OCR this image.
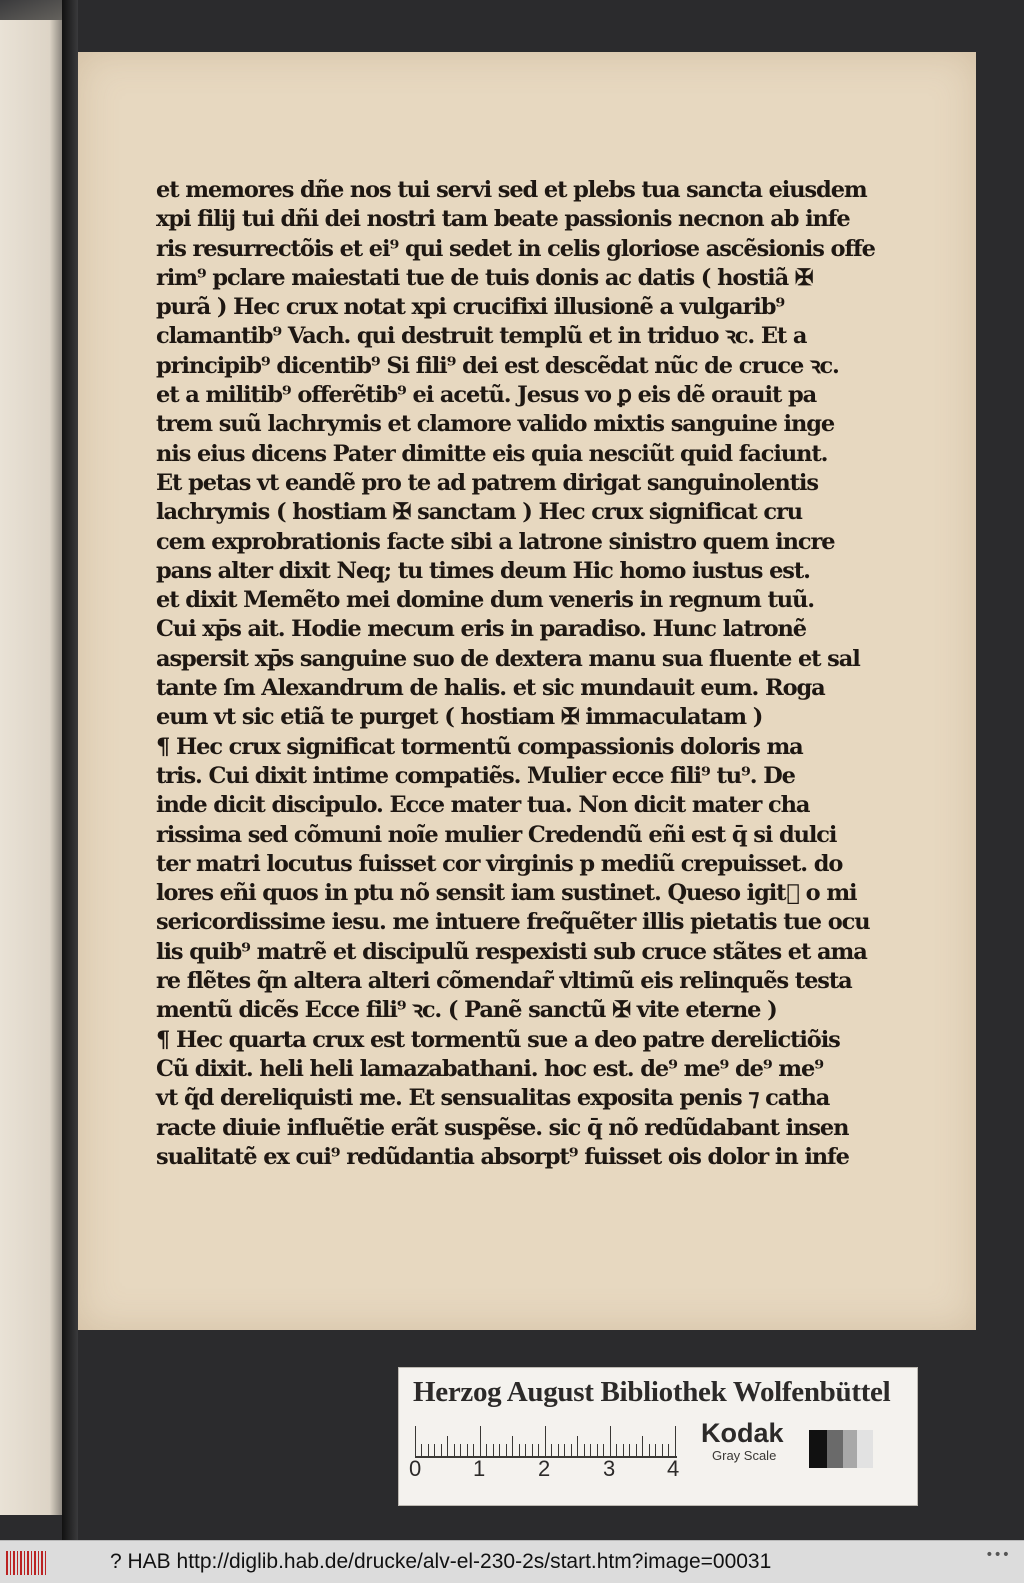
et memores dñe nos tui servi sed et plebs tua sancta eiusdem
xpi filij tui dñi dei nostri tam beate passionis necnon ab infe
ris resurrectõis et ei⁹ qui sedet in celis gloriose ascẽsionis offe
rim⁹ pclare maiestati tue de tuis donis ac datis ( hostiã ✠
purã ) Hec crux notat xpi crucifixi illusionẽ a vulgarib⁹
clamantib⁹ Vach. qui destruit templũ et in triduo ꝛc. Et a
principib⁹ dicentib⁹ Si fili⁹ dei est descẽdat nũc de cruce ꝛc.
et a militib⁹ offerẽtib⁹ ei acetũ. Jesus vo ꝑ eis dẽ orauit pa
trem suũ lachrymis et clamore valido mixtis sanguine inge
nis eius dicens Pater dimitte eis quia nesciũt quid faciunt.
Et petas vt eandẽ pro te ad patrem dirigat sanguinolentis
lachrymis ( hostiam ✠ sanctam ) Hec crux significat cru
cem exprobrationis facte sibi a latrone sinistro quem incre
pans alter dixit Neq; tu times deum Hic homo iustus est.
et dixit Memẽto mei domine dum veneris in regnum tuũ.
Cui xp̄s ait. Hodie mecum eris in paradiso. Hunc latronẽ
aspersit xp̄s sanguine suo de dextera manu sua fluente et sal
tante ſm Alexandrum de halis. et sic mundauit eum. Roga
eum vt sic etiã te purget ( hostiam ✠ immaculatam )
¶ Hec crux significat tormentũ compassionis doloris ma
tris. Cui dixit intime compatiẽs. Mulier ecce fili⁹ tu⁹. De
inde dicit discipulo. Ecce mater tua. Non dicit mater cha
rissima sed cõmuni noĩe mulier Credendũ eñi est q̄ si dulci
ter matri locutus fuisset cor virginis p mediũ crepuisset. do
lores eñi quos in ptu nõ sensit iam sustinet. Queso igit᷑ o mi
sericordissime iesu. me intuere freq̃uẽter illis pietatis tue ocu
lis quib⁹ matrẽ et discipulũ respexisti sub cruce stãtes et ama
re flẽtes q̃n altera alteri cõmendar̃ vltimũ eis relinquẽs testa
mentũ dicẽs Ecce fili⁹ ꝛc. ( Panẽ sanctũ ✠ vite eterne )
¶ Hec quarta crux est tormentũ sue a deo patre derelictiõis
Cũ dixit. heli heli lamazabathani. hoc est. de⁹ me⁹ de⁹ me⁹
vt q̃d dereliquisti me. Et sensualitas exposita penis ⁊ catha
racte diuie influẽtie erãt suspẽse. sic q̄ nõ redũdabant insen
sualitatẽ ex cui⁹ redũdantia absorpt⁹ fuisset ois dolor in infe
Herzog August Bibliothek Wolfenbüttel
0 1 2 3 4
Kodak
Gray Scale
? HAB http://diglib.hab.de/drucke/alv-el-230-2s/start.htm?image=00031	•••
